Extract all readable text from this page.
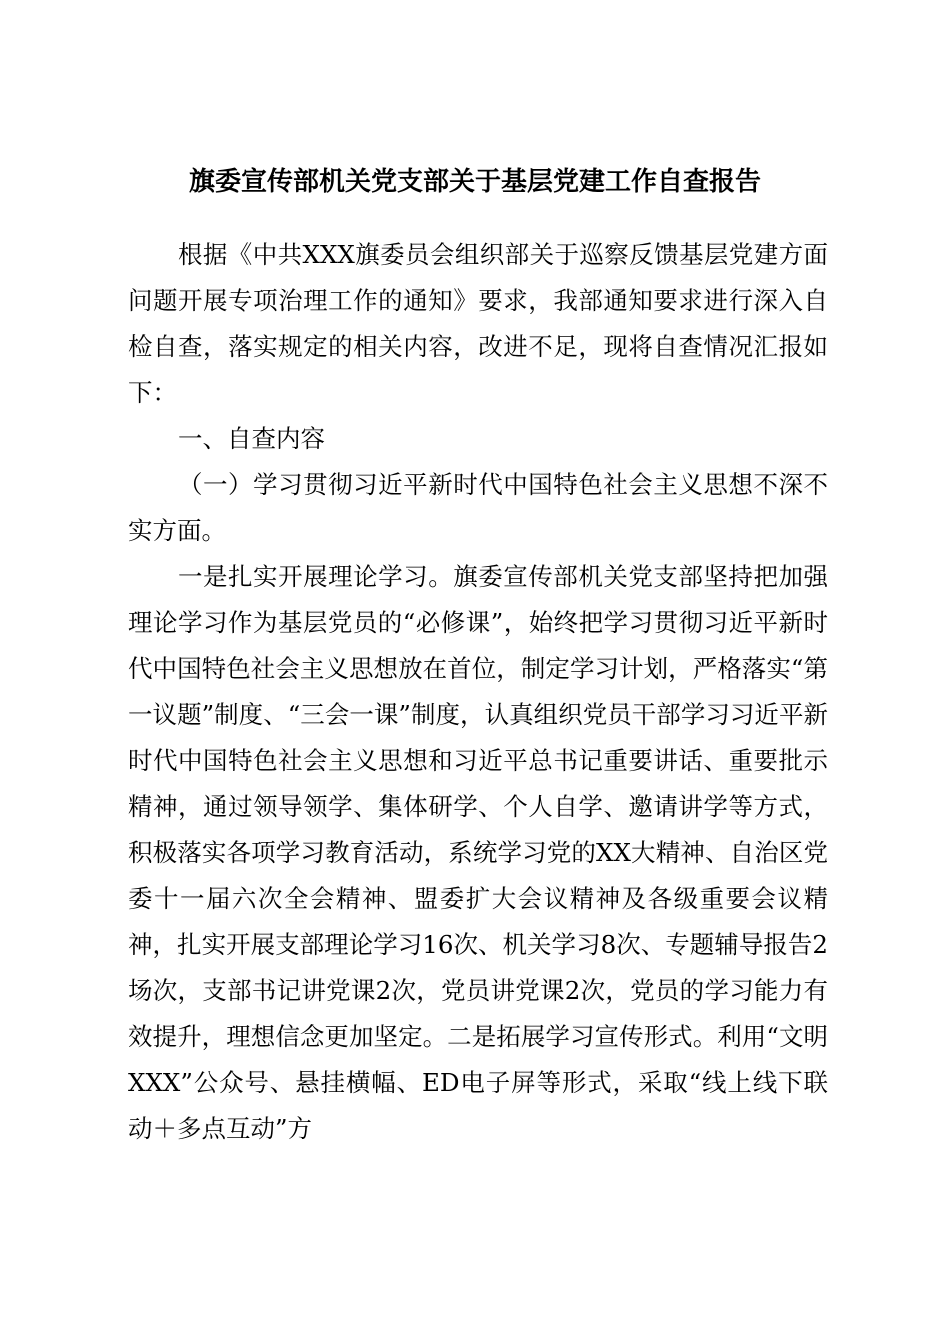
旗委宣传部机关党支部关于基层党建工作自查报告

根据《中共XXX旗委员会组织部关于巡察反馈基层党建方面问题开展专项治理工作的通知》要求，我部通知要求进行深入自检自查，落实规定的相关内容，改进不足，现将自查情况汇报如下：

一、自查内容

（一）学习贯彻习近平新时代中国特色社会主义思想不深不实方面。

一是扎实开展理论学习。旗委宣传部机关党支部坚持把加强理论学习作为基层党员的“必修课”，始终把学习贯彻习近平新时代中国特色社会主义思想放在首位，制定学习计划，严格落实“第一议题”制度、“三会一课”制度，认真组织党员干部学习习近平新时代中国特色社会主义思想和习近平总书记重要讲话、重要批示精神，通过领导领学、集体研学、个人自学、邀请讲学等方式，积极落实各项学习教育活动，系统学习党的XX大精神、自治区党委十一届六次全会精神、盟委扩大会议精神及各级重要会议精神，扎实开展支部理论学习16次、机关学习8次、专题辅导报告2场次，支部书记讲党课2次，党员讲党课2次，党员的学习能力有效提升，理想信念更加坚定。二是拓展学习宣传形式。利用“文明XXX”公众号、悬挂横幅、ED电子屏等形式，采取“线上线下联动＋多点互动”方
